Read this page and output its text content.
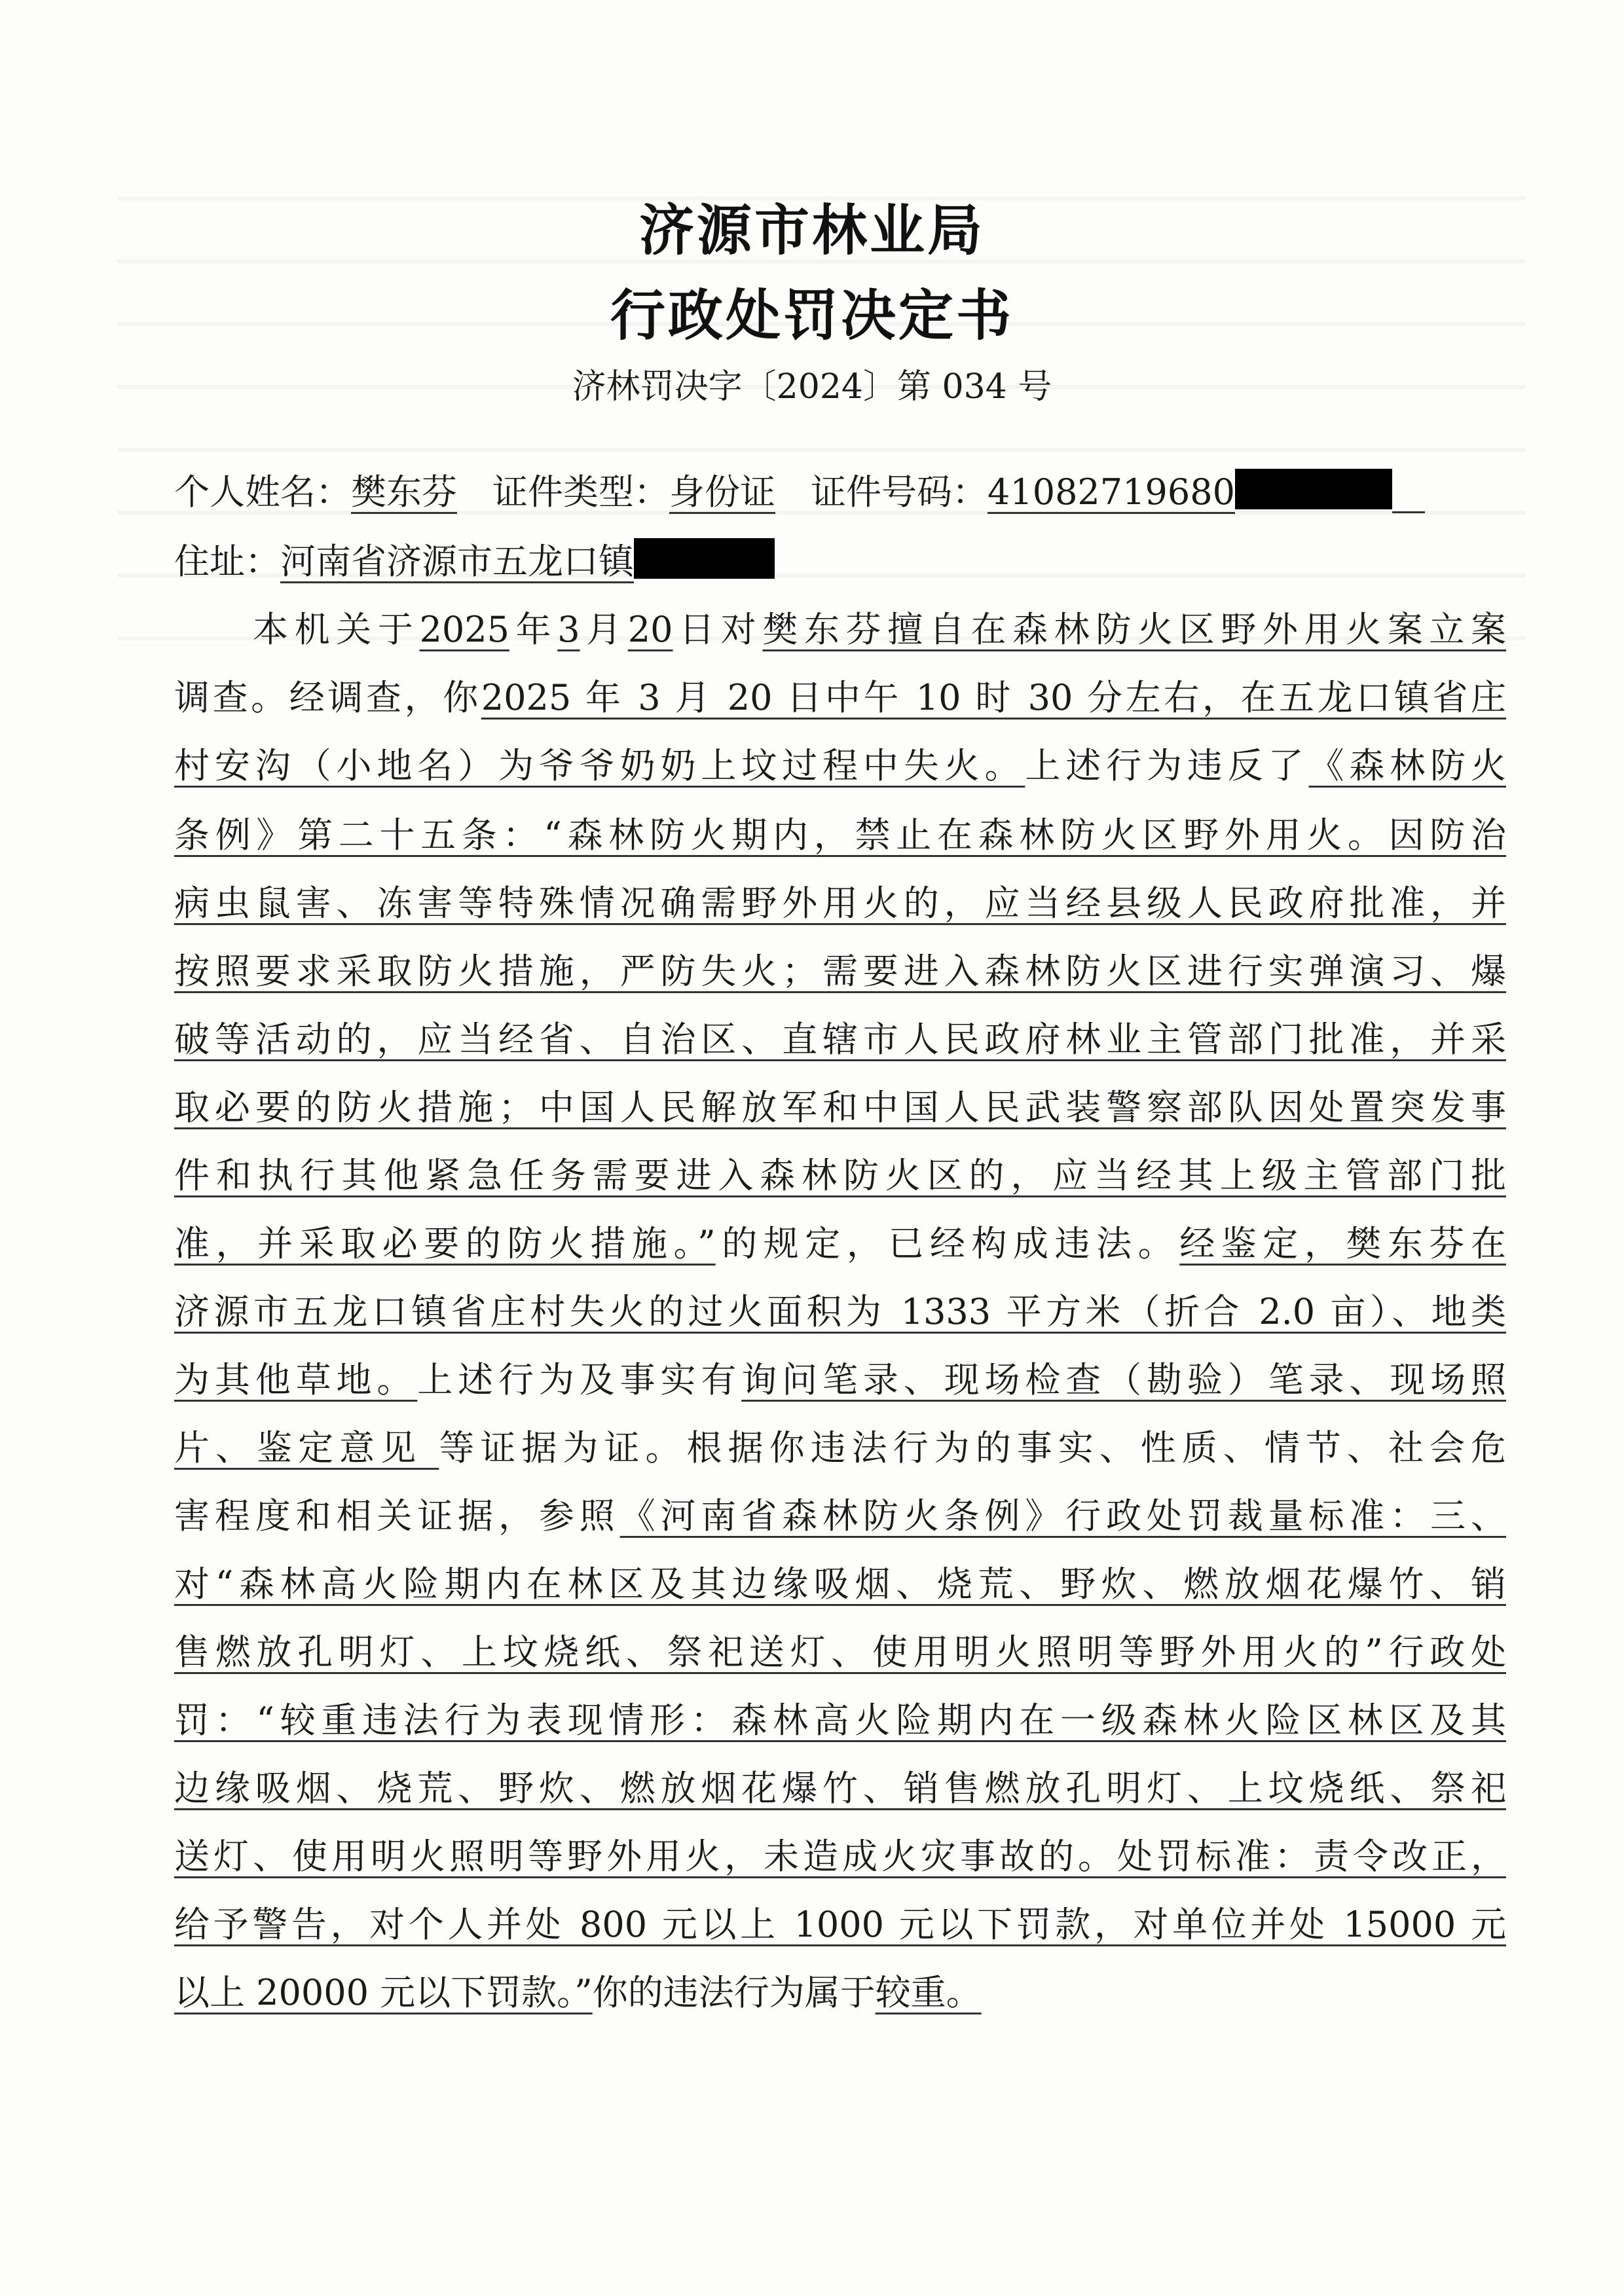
济源市林业局
行政处罚决定书
济林罚决字〔2024〕第 034 号
个人姓名：樊东芬  证件类型：身份证  证件号码：41082719680
住址：河南省济源市五龙口镇
本机关于2025年3月20日对樊东芬擅自在森林防火区野外用火案立案
调查。经调查，你2025 年 3 月 20 日中午 10 时 30 分左右，在五龙口镇省庄
村安沟（小地名）为爷爷奶奶上坟过程中失火。上述行为违反了《森林防火
条例》第二十五条：“森林防火期内，禁止在森林防火区野外用火。因防治
病虫鼠害、冻害等特殊情况确需野外用火的，应当经县级人民政府批准，并
按照要求采取防火措施，严防失火；需要进入森林防火区进行实弹演习、爆
破等活动的，应当经省、自治区、直辖市人民政府林业主管部门批准，并采
取必要的防火措施；中国人民解放军和中国人民武装警察部队因处置突发事
件和执行其他紧急任务需要进入森林防火区的，应当经其上级主管部门批
准，并采取必要的防火措施。”的规定，已经构成违法。经鉴定，樊东芬在
济源市五龙口镇省庄村失火的过火面积为 1333 平方米（折合 2.0 亩）、地类
为其他草地。上述行为及事实有询问笔录、现场检查（勘验）笔录、现场照
片、鉴定意见 等证据为证。根据你违法行为的事实、性质、情节、社会危
害程度和相关证据，参照《河南省森林防火条例》行政处罚裁量标准：三、
对“森林高火险期内在林区及其边缘吸烟、烧荒、野炊、燃放烟花爆竹、销
售燃放孔明灯、上坟烧纸、祭祀送灯、使用明火照明等野外用火的”行政处
罚：“较重违法行为表现情形：森林高火险期内在一级森林火险区林区及其
边缘吸烟、烧荒、野炊、燃放烟花爆竹、销售燃放孔明灯、上坟烧纸、祭祀
送灯、使用明火照明等野外用火，未造成火灾事故的。处罚标准：责令改正，
给予警告，对个人并处 800 元以上 1000 元以下罚款，对单位并处 15000 元
以上 20000 元以下罚款。”你的违法行为属于较重。
